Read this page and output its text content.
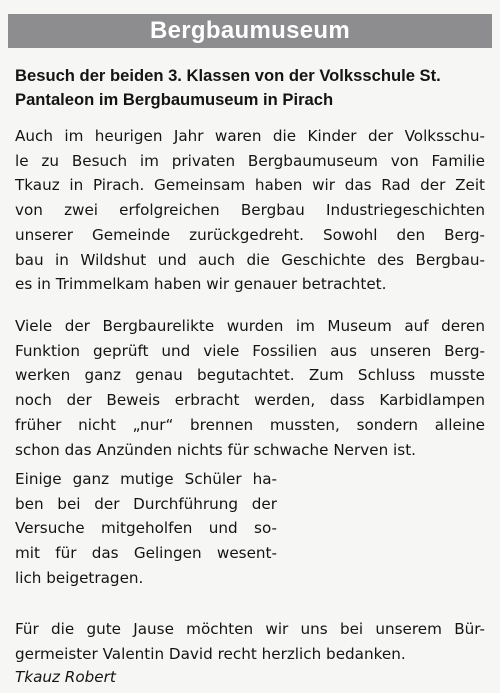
Bergbaumuseum
Besuch der beiden 3. Klassen von der Volksschule St.
Pantaleon im Bergbaumuseum in Pirach
Auch im heurigen Jahr waren die Kinder der Volksschu-
le zu Besuch im privaten Bergbaumuseum von Familie
Tkauz in Pirach. Gemeinsam haben wir das Rad der Zeit
von zwei erfolgreichen Bergbau Industriegeschichten
unserer Gemeinde zurückgedreht. Sowohl den Berg-
bau in Wildshut und auch die Geschichte des Bergbau-
es in Trimmelkam haben wir genauer betrachtet.
Viele der Bergbaurelikte wurden im Museum auf deren
Funktion geprüft und viele Fossilien aus unseren Berg-
werken ganz genau begutachtet. Zum Schluss musste
noch der Beweis erbracht werden, dass Karbidlampen
früher nicht „nur“ brennen mussten, sondern alleine
schon das Anzünden nichts für schwache Nerven ist.
Einige ganz mutige Schüler ha-
ben bei der Durchführung der
Versuche mitgeholfen und so-
mit für das Gelingen wesent-
lich beigetragen.
Für die gute Jause möchten wir uns bei unserem Bür-
germeister Valentin David recht herzlich bedanken.
Tkauz Robert
